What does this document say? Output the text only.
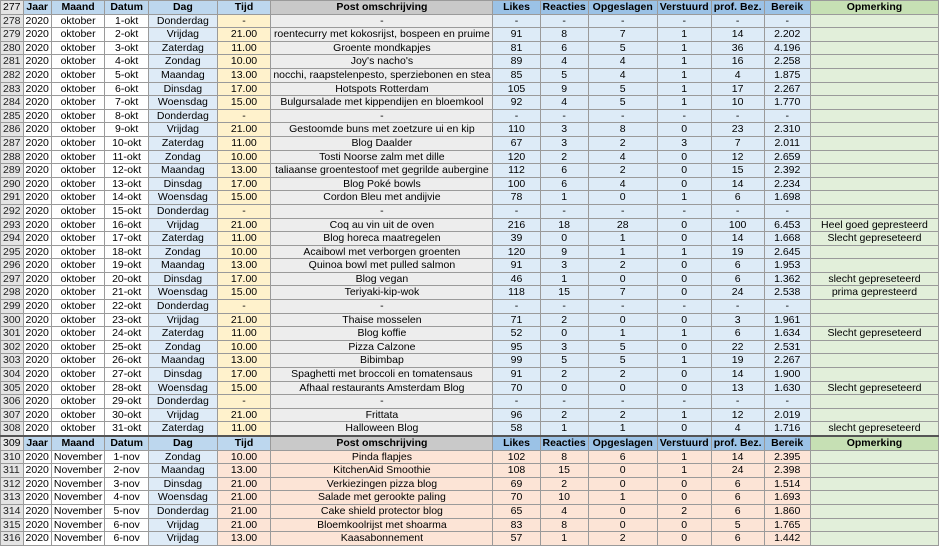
277	Jaar	Maand	Datum	Dag	Tijd	Post omschrijving	Likes	Reacties	Opgeslagen	Verstuurd	prof. Bez.	Bereik	Opmerking
278	2020	oktober	1-okt	Donderdag	-	-	-	-	-	-	-	-	
279	2020	oktober	2-okt	Vrijdag	21.00	roentecurry met kokosrijst, bospeen en pruime	91	8	7	1	14	2.202	
280	2020	oktober	3-okt	Zaterdag	11.00	Groente mondkapjes	81	6	5	1	36	4.196	
281	2020	oktober	4-okt	Zondag	10.00	Joy's nacho's	89	4	4	1	16	2.258	
282	2020	oktober	5-okt	Maandag	13.00	nocchi, raapstelenpesto, sperziebonen en stea	85	5	4	1	4	1.875	
283	2020	oktober	6-okt	Dinsdag	17.00	Hotspots Rotterdam	105	9	5	1	17	2.267	
284	2020	oktober	7-okt	Woensdag	15.00	Bulgursalade met kippendijen en bloemkool	92	4	5	1	10	1.770	
285	2020	oktober	8-okt	Donderdag	-	-	-	-	-	-	-	-	
286	2020	oktober	9-okt	Vrijdag	21.00	Gestoomde buns met zoetzure ui en kip	110	3	8	0	23	2.310	
287	2020	oktober	10-okt	Zaterdag	11.00	Blog Daalder	67	3	2	3	7	2.011	
288	2020	oktober	11-okt	Zondag	10.00	Tosti Noorse zalm met dille	120	2	4	0	12	2.659	
289	2020	oktober	12-okt	Maandag	13.00	taliaanse groentestoof met gegrilde aubergine	112	6	2	0	15	2.392	
290	2020	oktober	13-okt	Dinsdag	17.00	Blog Poké bowls	100	6	4	0	14	2.234	
291	2020	oktober	14-okt	Woensdag	15.00	Cordon Bleu met andijvie	78	1	0	1	6	1.698	
292	2020	oktober	15-okt	Donderdag	-	-	-	-	-	-	-	-	
293	2020	oktober	16-okt	Vrijdag	21.00	Coq au vin uit de oven	216	18	28	0	100	6.453	Heel goed gepresteerd
294	2020	oktober	17-okt	Zaterdag	11.00	Blog horeca maatregelen	39	0	1	0	14	1.668	Slecht gepreseteerd
295	2020	oktober	18-okt	Zondag	10.00	Acaibowl met verborgen groenten	120	9	1	1	19	2.645	
296	2020	oktober	19-okt	Maandag	13.00	Quinoa bowl met pulled salmon	91	3	2	0	6	1.953	
297	2020	oktober	20-okt	Dinsdag	17.00	Blog vegan	46	1	0	0	6	1.362	slecht gepreseteerd
298	2020	oktober	21-okt	Woensdag	15.00	Teriyaki-kip-wok	118	15	7	0	24	2.538	prima gepresteerd
299	2020	oktober	22-okt	Donderdag	-	-	-	-	-	-	-	-	
300	2020	oktober	23-okt	Vrijdag	21.00	Thaise mosselen	71	2	0	0	3	1.961	
301	2020	oktober	24-okt	Zaterdag	11.00	Blog koffie	52	0	1	1	6	1.634	Slecht gepreseteerd
302	2020	oktober	25-okt	Zondag	10.00	Pizza Calzone	95	3	5	0	22	2.531	
303	2020	oktober	26-okt	Maandag	13.00	Bibimbap	99	5	5	1	19	2.267	
304	2020	oktober	27-okt	Dinsdag	17.00	Spaghetti met broccoli en tomatensaus	91	2	2	0	14	1.900	
305	2020	oktober	28-okt	Woensdag	15.00	Afhaal restaurants Amsterdam Blog	70	0	0	0	13	1.630	Slecht gepreseteerd
306	2020	oktober	29-okt	Donderdag	-	-	-	-	-	-	-	-	
307	2020	oktober	30-okt	Vrijdag	21.00	Frittata	96	2	2	1	12	2.019	
308	2020	oktober	31-okt	Zaterdag	11.00	Halloween Blog	58	1	1	0	4	1.716	slecht gepreseteerd
309	Jaar	Maand	Datum	Dag	Tijd	Post omschrijving	Likes	Reacties	Opgeslagen	Verstuurd	prof. Bez.	Bereik	Opmerking
310	2020	November	1-nov	Zondag	10.00	Pinda flapjes	102	8	6	1	14	2.395	
311	2020	November	2-nov	Maandag	13.00	KitchenAid Smoothie	108	15	0	1	24	2.398	
312	2020	November	3-nov	Dinsdag	21.00	Verkiezingen pizza blog	69	2	0	0	6	1.514	
313	2020	November	4-nov	Woensdag	21.00	Salade met gerookte paling	70	10	1	0	6	1.693	
314	2020	November	5-nov	Donderdag	21.00	Cake shield protector blog	65	4	0	2	6	1.860	
315	2020	November	6-nov	Vrijdag	21.00	Bloemkoolrijst met shoarma	83	8	0	0	5	1.765	
316	2020	November	6-nov	Vrijdag	13.00	Kaasabonnement	57	1	2	0	6	1.442	
